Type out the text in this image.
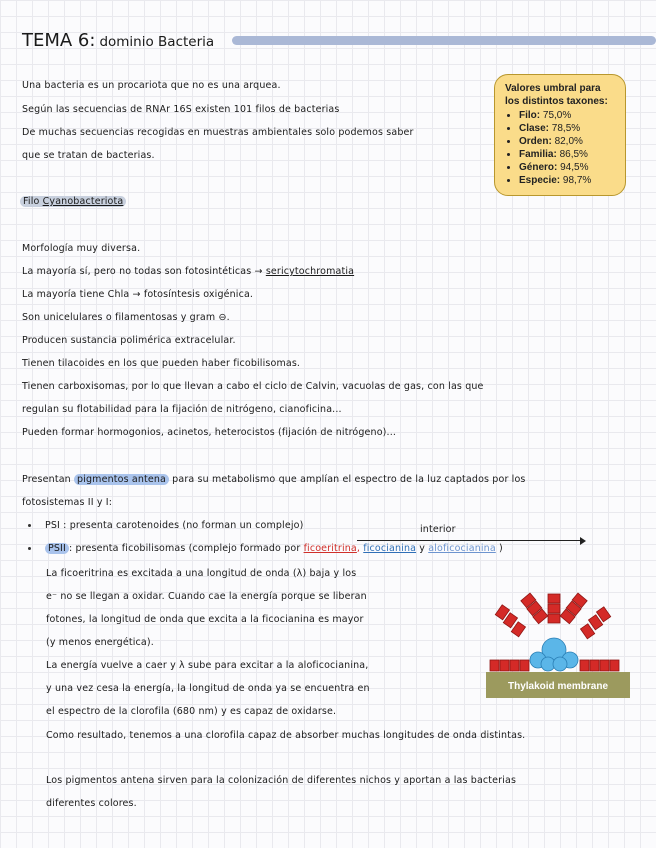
TEMA 6: dominio Bacteria
Una bacteria es un procariota que no es una arquea.
Según las secuencias de RNAr 16S existen 101 filos de bacterias
De muchas secuencias recogidas en muestras ambientales solo podemos saber
que se tratan de bacterias.
Valores umbral para los distintos taxones:
• Filo: 75,0%
• Clase: 78,5%
• Orden: 82,0%
• Familia: 86,5%
• Género: 94,5%
• Especie: 98,7%
Filo Cyanobacteriota
Morfología muy diversa.
La mayoría sí, pero no todas son fotosintéticas → sericytochromatia
La mayoría tiene Chla → fotosíntesis oxigénica.
Son unicelulares o filamentosas y gram ⊖.
Producen sustancia polimérica extracelular.
Tienen tilacoides en los que pueden haber ficobilisomas.
Tienen carboxisomas, por lo que llevan a cabo el ciclo de Calvin, vacuolas de gas, con las que
regulan su flotabilidad para la fijación de nitrógeno, cianoficina...
Pueden formar hormogonios, acinetos, heterocistos (fijación de nitrógeno)...
Presentan pigmentos antena para su metabolismo que amplían el espectro de la luz captados por los
fotosistemas II y I:
PSI : presenta carotenoides (no forman un complejo)	interior
PSII : presenta ficobilisomas (complejo formado por ficoeritrina, ficocianina y aloficocianina )
La ficoeritrina es excitada a una longitud de onda (λ) baja y los
e⁻ no se llegan a oxidar. Cuando cae la energía porque se liberan
fotones, la longitud de onda que excita a la ficocianina es mayor
(y menos energética).
La energía vuelve a caer y λ sube para excitar a la aloficocianina,
y una vez cesa la energía, la longitud de onda ya se encuentra en
el espectro de la clorofila (680 nm) y es capaz de oxidarse.
Como resultado, tenemos a una clorofila capaz de absorber muchas longitudes de onda distintas.
Los pigmentos antena sirven para la colonización de diferentes nichos y aportan a las bacterias
diferentes colores.
Thylakoid membrane
